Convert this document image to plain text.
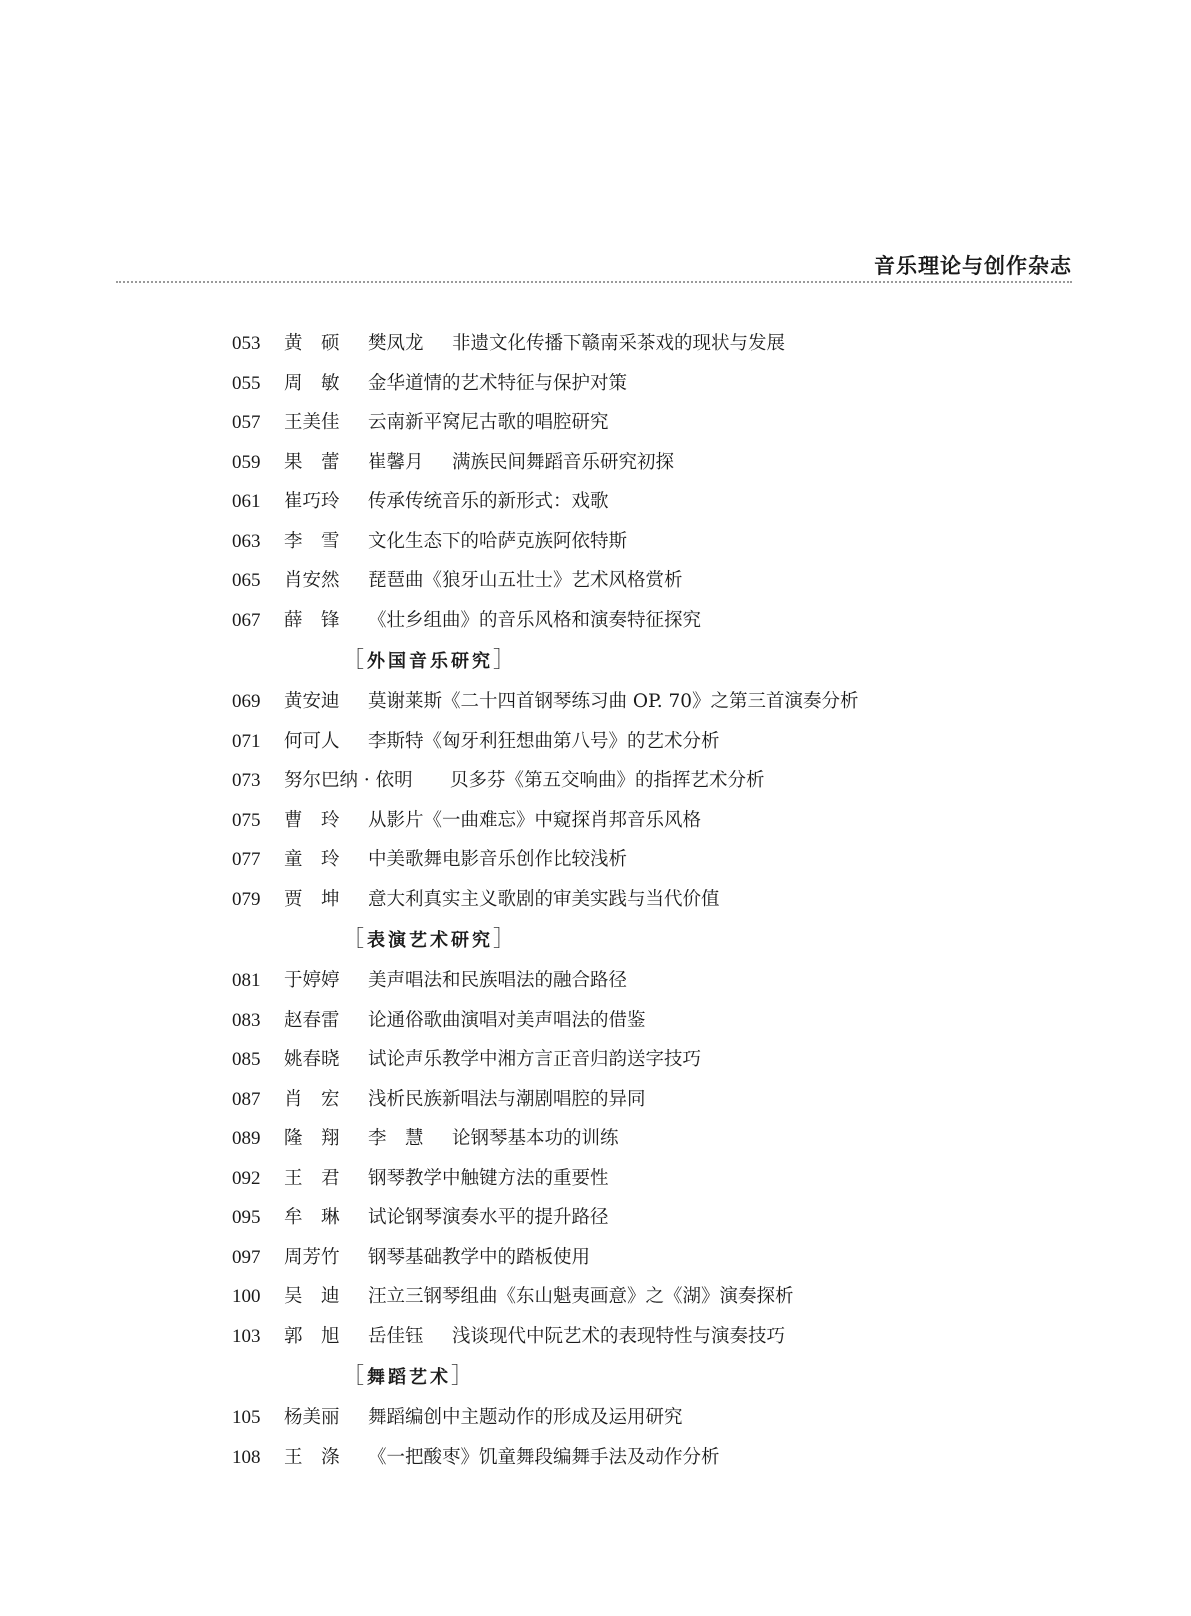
音乐理论与创作杂志
053 黄　硕 樊凤龙 非遗文化传播下赣南采茶戏的现状与发展
055 周　敏 金华道情的艺术特征与保护对策
057 王美佳 云南新平窝尼古歌的唱腔研究
059 果　蕾 崔馨月 满族民间舞蹈音乐研究初探
061 崔巧玲 传承传统音乐的新形式：戏歌
063 李　雪 文化生态下的哈萨克族阿依特斯
065 肖安然 琵琶曲《狼牙山五壮士》艺术风格赏析
067 薛　锋 《壮乡组曲》的音乐风格和演奏特征探究
［外国音乐研究］
069 黄安迪 莫谢莱斯《二十四首钢琴练习曲 OP. 70》之第三首演奏分析
071 何可人 李斯特《匈牙利狂想曲第八号》的艺术分析
073 努尔巴纳 · 依明 贝多芬《第五交响曲》的指挥艺术分析
075 曹　玲 从影片《一曲难忘》中窥探肖邦音乐风格
077 童　玲 中美歌舞电影音乐创作比较浅析
079 贾　坤 意大利真实主义歌剧的审美实践与当代价值
［表演艺术研究］
081 于婷婷 美声唱法和民族唱法的融合路径
083 赵春雷 论通俗歌曲演唱对美声唱法的借鉴
085 姚春晓 试论声乐教学中湘方言正音归韵送字技巧
087 肖　宏 浅析民族新唱法与潮剧唱腔的异同
089 隆　翔 李　慧 论钢琴基本功的训练
092 王　君 钢琴教学中触键方法的重要性
095 牟　琳 试论钢琴演奏水平的提升路径
097 周芳竹 钢琴基础教学中的踏板使用
100 吴　迪 汪立三钢琴组曲《东山魁夷画意》之《湖》演奏探析
103 郭　旭 岳佳钰 浅谈现代中阮艺术的表现特性与演奏技巧
［舞蹈艺术］
105 杨美丽 舞蹈编创中主题动作的形成及运用研究
108 王　涤 《一把酸枣》饥童舞段编舞手法及动作分析
